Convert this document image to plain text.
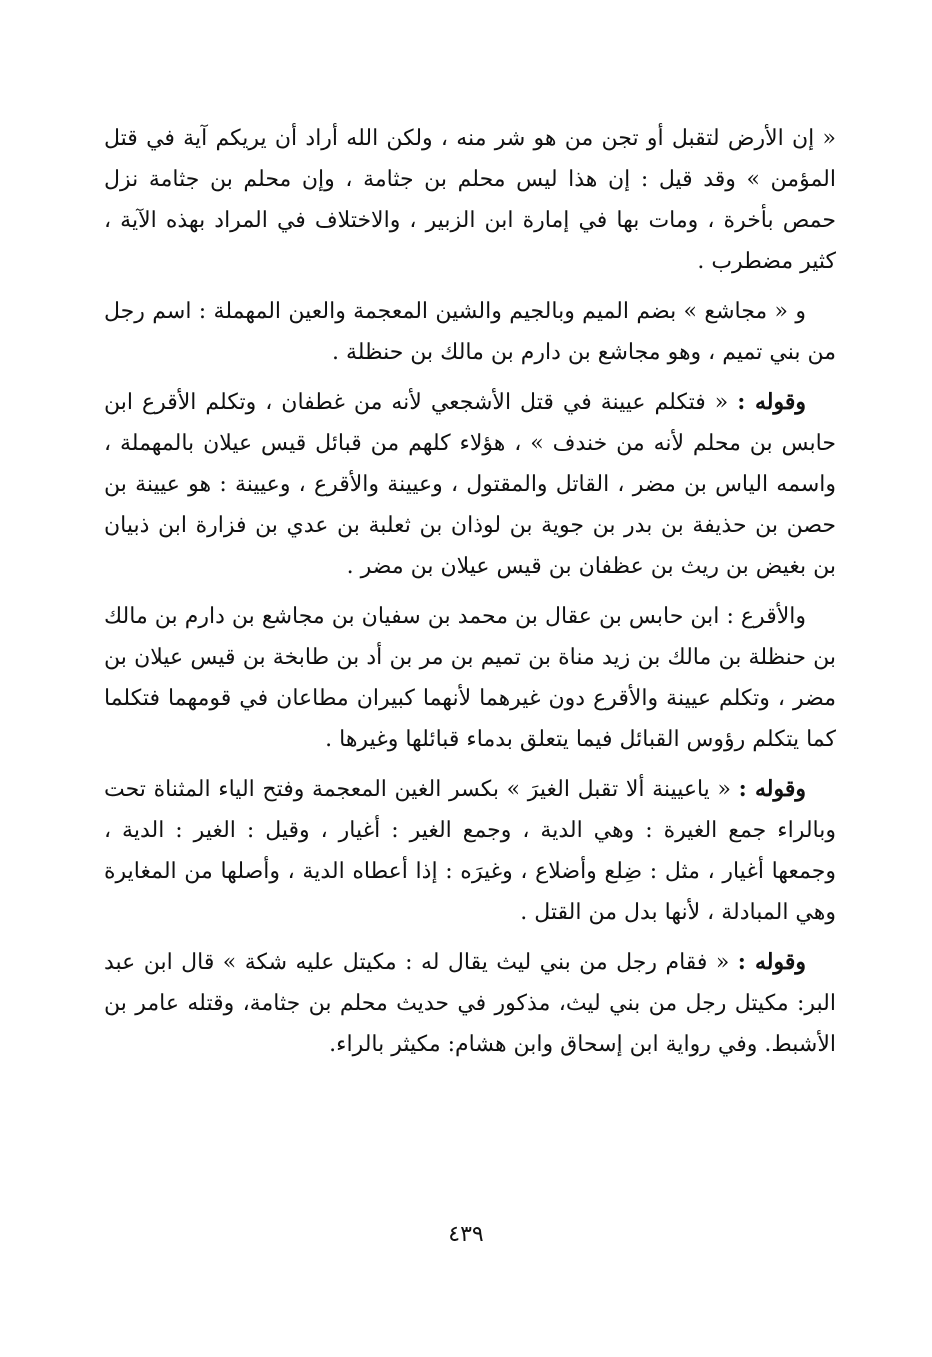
« إن الأرض لتقبل أو تجن من هو شر منه ، ولكن الله أراد أن يريكم آية في قتل المؤمن » وقد قيل : إن هذا ليس محلم بن جثامة ، وإن محلم بن جثامة نزل حمص بأخرة ، ومات بها في إمارة ابن الزبير ، والاختلاف في المراد بهذه الآية ، كثير مضطرب .

و « مجاشع » بضم الميم وبالجيم والشين المعجمة والعين المهملة : اسم رجل من بني تميم ، وهو مجاشع بن دارم بن مالك بن حنظلة .

وقوله : « فتكلم عيينة في قتل الأشجعي لأنه من غطفان ، وتكلم الأقرع ابن حابس بن محلم لأنه من خندف » ، هؤلاء كلهم من قبائل قيس عيلان بالمهملة ، واسمه الياس بن مضر ، القاتل والمقتول ، وعيينة والأقرع ، وعيينة : هو عيينة بن حصن بن حذيفة بن بدر بن جوية بن لوذان بن ثعلبة بن عدي بن فزارة ابن ذبيان بن بغيض بن ريث بن عظفان بن قيس عيلان بن مضر .

والأقرع : ابن حابس بن عقال بن محمد بن سفيان بن مجاشع بن دارم بن مالك بن حنظلة بن مالك بن زيد مناة بن تميم بن مر بن أد بن طابخة بن قيس عيلان بن مضر ، وتكلم عيينة والأقرع دون غيرهما لأنهما كبيران مطاعان في قومهما فتكلما كما يتكلم رؤوس القبائل فيما يتعلق بدماء قبائلها وغيرها .

وقوله : « ياعيينة ألا تقبل الغيرَ » بكسر الغين المعجمة وفتح الياء المثناة تحت وبالراء جمع الغيرة : وهي الدية ، وجمع الغير : أغيار ، وقيل : الغير : الدية ، وجمعها أغيار ، مثل : ضِلع وأضلاع ، وغيرَه : إذا أعطاه الدية ، وأصلها من المغايرة وهي المبادلة ، لأنها بدل من القتل .

وقوله : « فقام رجل من بني ليث يقال له : مكيتل عليه شكة » قال ابن عبد البر: مكيتل رجل من بني ليث، مذكور في حديث محلم بن جثامة، وقتله عامر بن الأشبط. وفي رواية ابن إسحاق وابن هشام: مكيثر بالراء.

٤٣٩
